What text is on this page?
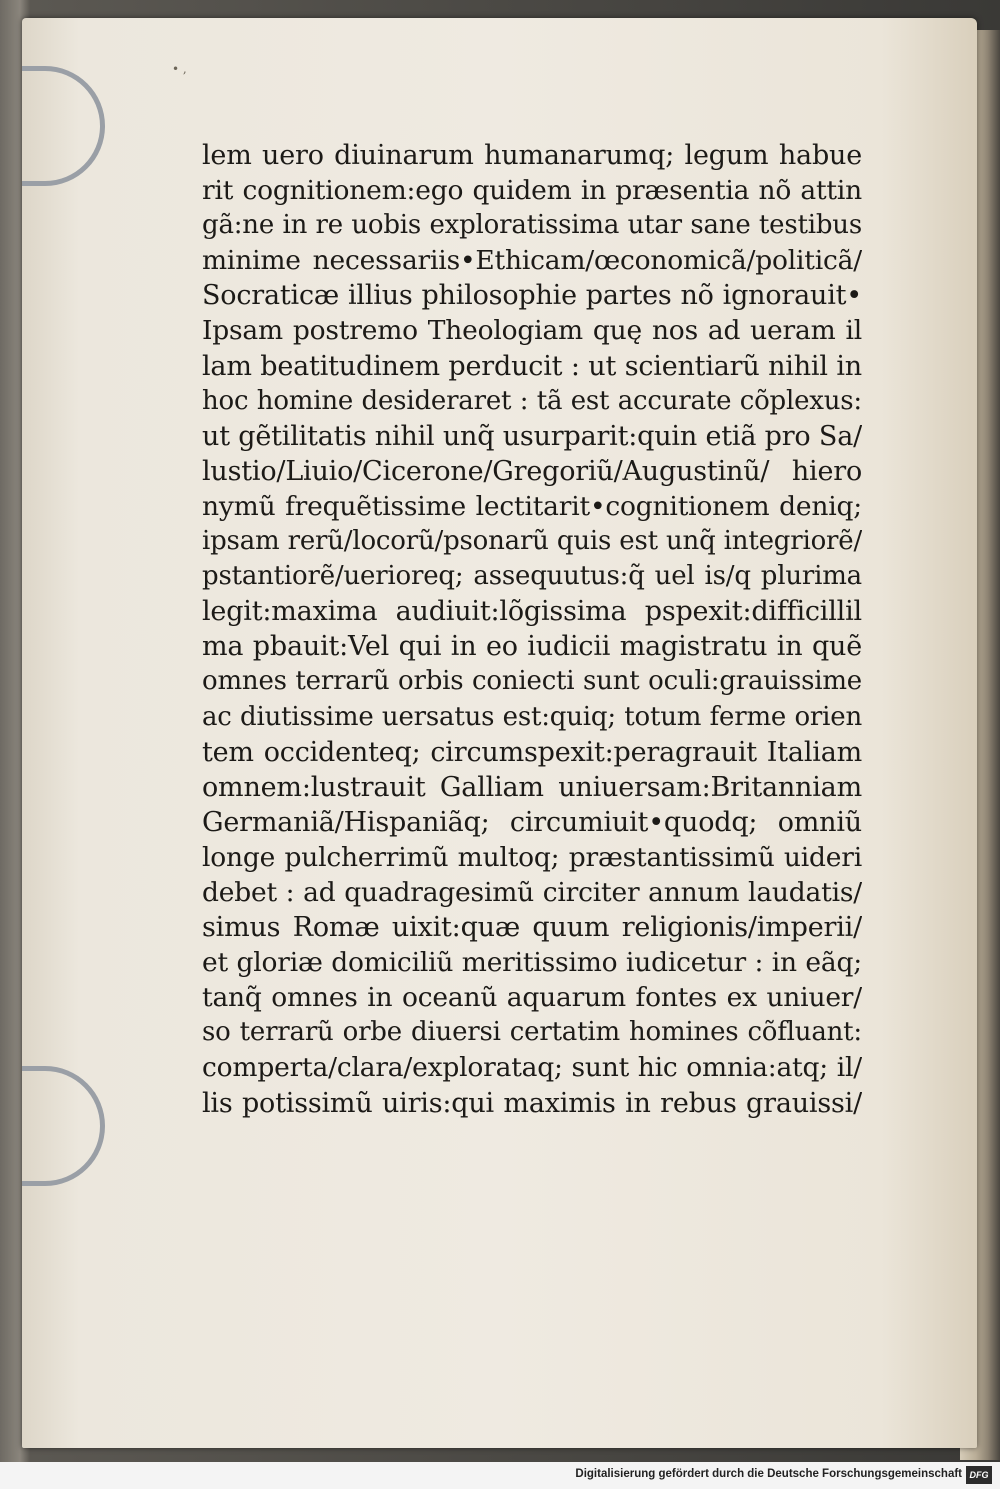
• ,
lem uero diuinarum humanarumq; legum habue
rit cognitionem:ego quidem in præsentia nõ attin
gã:ne in re uobis exploratissima utar sane testibus
minime necessariis•Ethicam/œconomicã/politicã/
Socraticæ illius philosophie partes nõ ignorauit•
Ipsam postremo Theologiam quę nos ad ueram il
lam beatitudinem perducit : ut scientiarũ nihil in
hoc homine desideraret : tã est accurate cõplexus:
ut gẽtilitatis nihil unq̃ usurparit:quin etiã pro Sa/
lustio/Liuio/Cicerone/Gregoriũ/Augustinũ/ hiero
nymũ frequẽtissime lectitarit•cognitionem deniq;
ipsam rerũ/locorũ/psonarũ quis est unq̃ integriorẽ/
pstantiorẽ/uerioreq; assequutus:q̃ uel is/q plurima
legit:maxima audiuit:lõgissima pspexit:difficillil
ma pbauit:Vel qui in eo iudicii magistratu in quẽ
omnes terrarũ orbis coniecti sunt oculi:grauissime
ac diutissime uersatus est:quiq; totum ferme orien
tem occidenteq; circumspexit:peragrauit Italiam
omnem:lustrauit Galliam uniuersam:Britanniam
Germaniã/Hispaniãq; circumiuit•quodq; omniũ
longe pulcherrimũ multoq; præstantissimũ uideri
debet : ad quadragesimũ circiter annum laudatis/
simus Romæ uixit:quæ quum religionis/imperii/
et gloriæ domiciliũ meritissimo iudicetur : in eãq;
tanq̃ omnes in oceanũ aquarum fontes ex uniuer/
so terrarũ orbe diuersi certatim homines cõfluant:
comperta/clara/explorataq; sunt hic omnia:atq; il/
lis potissimũ uiris:qui maximis in rebus grauissi/
Digitalisierung gefördert durch die Deutsche Forschungsgemeinschaft DFG
